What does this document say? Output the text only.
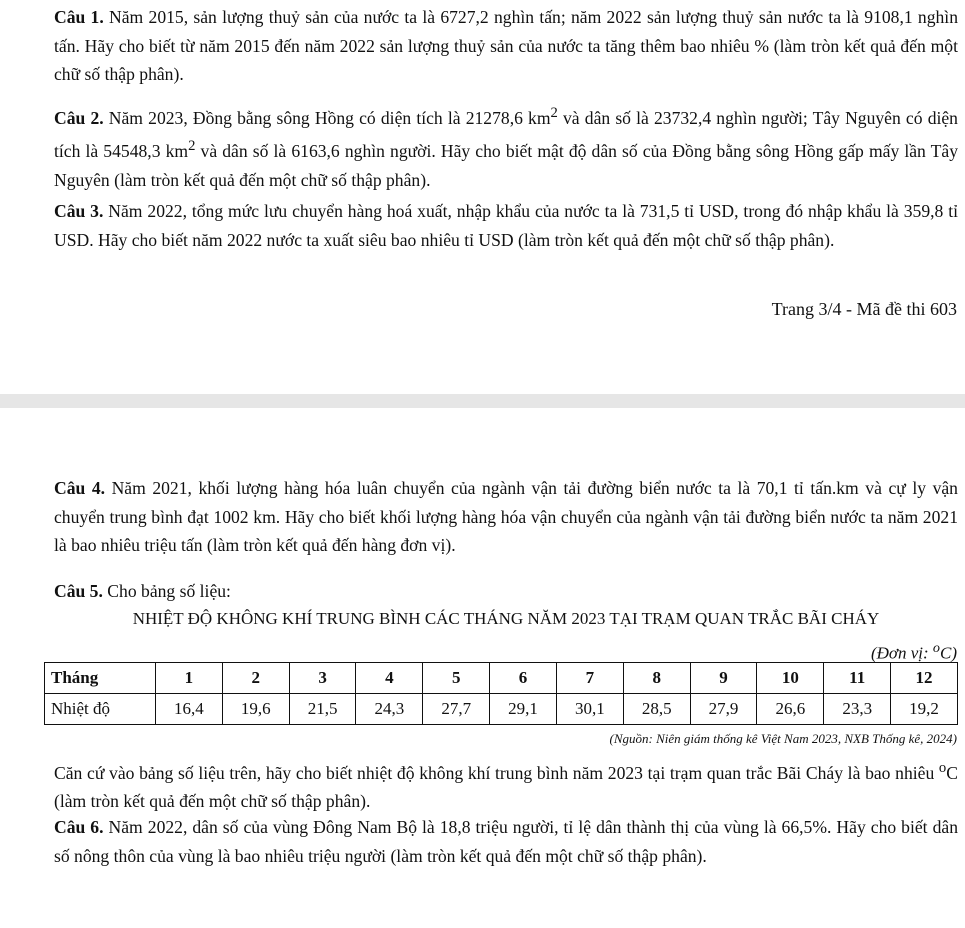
Câu 1. Năm 2015, sản lượng thuỷ sản của nước ta là 6727,2 nghìn tấn; năm 2022 sản lượng thuỷ sản nước ta là 9108,1 nghìn tấn. Hãy cho biết từ năm 2015 đến năm 2022 sản lượng thuỷ sản của nước ta tăng thêm bao nhiêu % (làm tròn kết quả đến một chữ số thập phân).

Câu 2. Năm 2023, Đồng bằng sông Hồng có diện tích là 21278,6 $km^2$ và dân số là 23732,4 nghìn người; Tây Nguyên có diện tích là 54548,3 $km^2$ và dân số là 6163,6 nghìn người. Hãy cho biết mật độ dân số của Đồng bằng sông Hồng gấp mấy lần Tây Nguyên (làm tròn kết quả đến một chữ số thập phân).

Câu 3. Năm 2022, tổng mức lưu chuyển hàng hoá xuất, nhập khẩu của nước ta là 731,5 tỉ USD, trong đó nhập khẩu là 359,8 tỉ USD. Hãy cho biết năm 2022 nước ta xuất siêu bao nhiêu tỉ USD (làm tròn kết quả đến một chữ số thập phân).

Trang 3/4 - Mã đề thi 603

Câu 4. Năm 2021, khối lượng hàng hóa luân chuyển của ngành vận tải đường biển nước ta là 70,1 tỉ tấn.km và cự ly vận chuyển trung bình đạt 1002 km. Hãy cho biết khối lượng hàng hóa vận chuyển của ngành vận tải đường biển nước ta năm 2021 là bao nhiêu triệu tấn (làm tròn kết quả đến hàng đơn vị).

Câu 5. Cho bảng số liệu:

NHIỆT ĐỘ KHÔNG KHÍ TRUNG BÌNH CÁC THÁNG NĂM 2023 TẠI TRẠM QUAN TRẮC BÃI CHÁY

(Đơn vị: $^o$C)
Tháng	1	2	3	4	5	6	7	8	9	10	11	12
Nhiệt độ	16,4	19,6	21,5	24,3	27,7	29,1	30,1	28,5	27,9	26,6	23,3	19,2
(Nguồn: Niên giám thống kê Việt Nam 2023, NXB Thống kê, 2024)

Căn cứ vào bảng số liệu trên, hãy cho biết nhiệt độ không khí trung bình năm 2023 tại trạm quan trắc Bãi Cháy là bao nhiêu $^o$C (làm tròn kết quả đến một chữ số thập phân).

Câu 6. Năm 2022, dân số của vùng Đông Nam Bộ là 18,8 triệu người, tỉ lệ dân thành thị của vùng là 66,5%. Hãy cho biết dân số nông thôn của vùng là bao nhiêu triệu người (làm tròn kết quả đến một chữ số thập phân).
